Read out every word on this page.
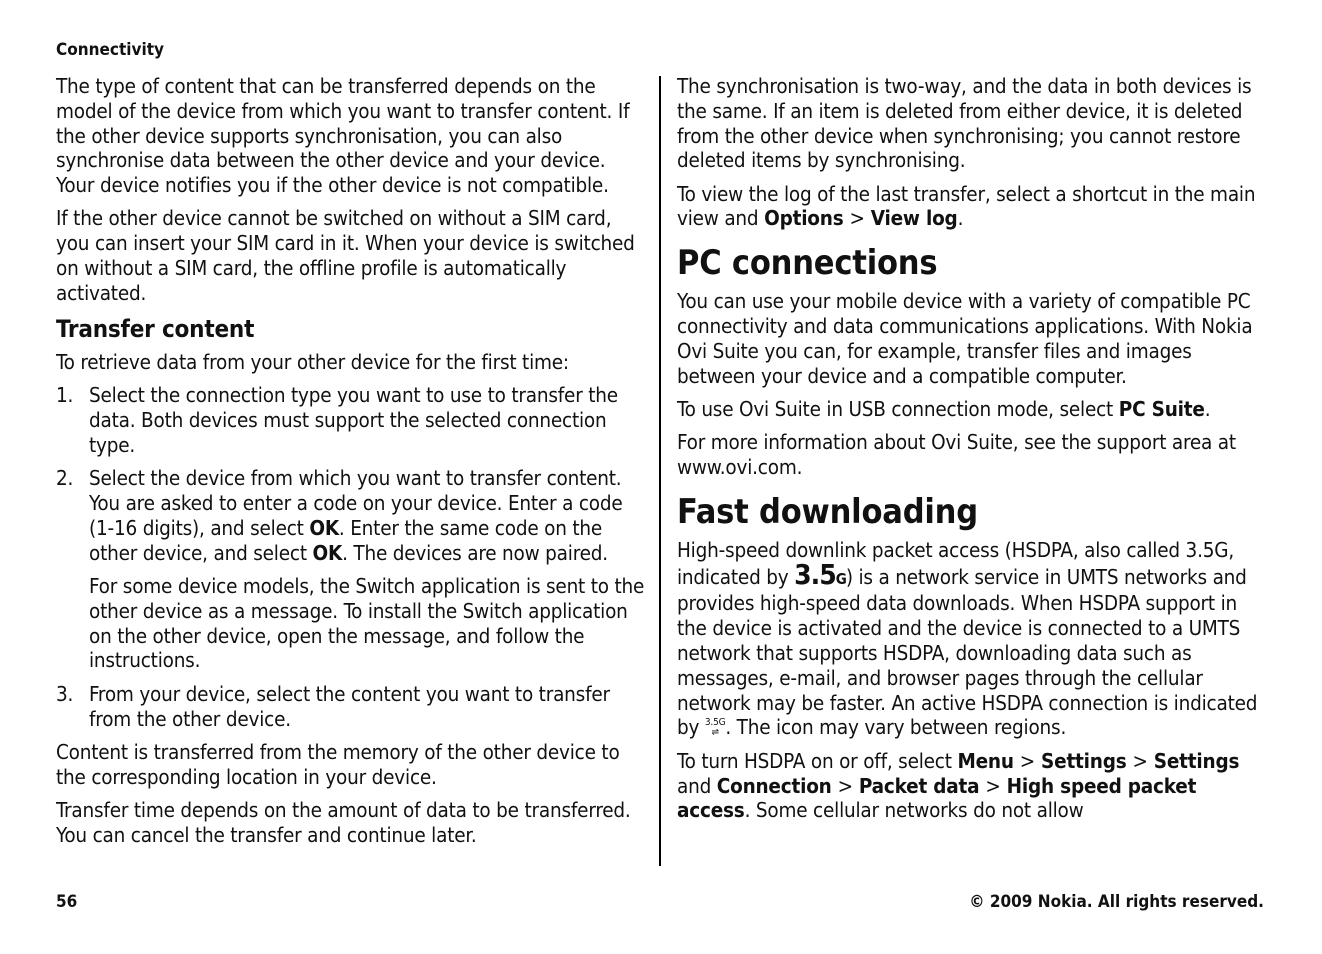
Connectivity

The type of content that can be transferred depends on the model of the device from which you want to transfer content. If the other device supports synchronisation, you can also synchronise data between the other device and your device. Your device notifies you if the other device is not compatible.

If the other device cannot be switched on without a SIM card, you can insert your SIM card in it. When your device is switched on without a SIM card, the offline profile is automatically activated.

Transfer content

To retrieve data from your other device for the first time:

1. Select the connection type you want to use to transfer the data. Both devices must support the selected connection type.

2. Select the device from which you want to transfer content. You are asked to enter a code on your device. Enter a code (1-16 digits), and select OK. Enter the same code on the other device, and select OK. The devices are now paired.

For some device models, the Switch application is sent to the other device as a message. To install the Switch application on the other device, open the message, and follow the instructions.

3. From your device, select the content you want to transfer from the other device.

Content is transferred from the memory of the other device to the corresponding location in your device.

Transfer time depends on the amount of data to be transferred. You can cancel the transfer and continue later.

The synchronisation is two-way, and the data in both devices is the same. If an item is deleted from either device, it is deleted from the other device when synchronising; you cannot restore deleted items by synchronising.

To view the log of the last transfer, select a shortcut in the main view and Options > View log.

PC connections

You can use your mobile device with a variety of compatible PC connectivity and data communications applications. With Nokia Ovi Suite you can, for example, transfer files and images between your device and a compatible computer.

To use Ovi Suite in USB connection mode, select PC Suite.

For more information about Ovi Suite, see the support area at www.ovi.com.

Fast downloading

High-speed downlink packet access (HSDPA, also called 3.5G, indicated by 3.5G) is a network service in UMTS networks and provides high-speed data downloads. When HSDPA support in the device is activated and the device is connected to a UMTS network that supports HSDPA, downloading data such as messages, e-mail, and browser pages through the cellular network may be faster. An active HSDPA connection is indicated by 3.5G
⇌ . The icon may vary between regions.

To turn HSDPA on or off, select Menu > Settings > Settings and Connection > Packet data > High speed packet access. Some cellular networks do not allow

56	© 2009 Nokia. All rights reserved.
